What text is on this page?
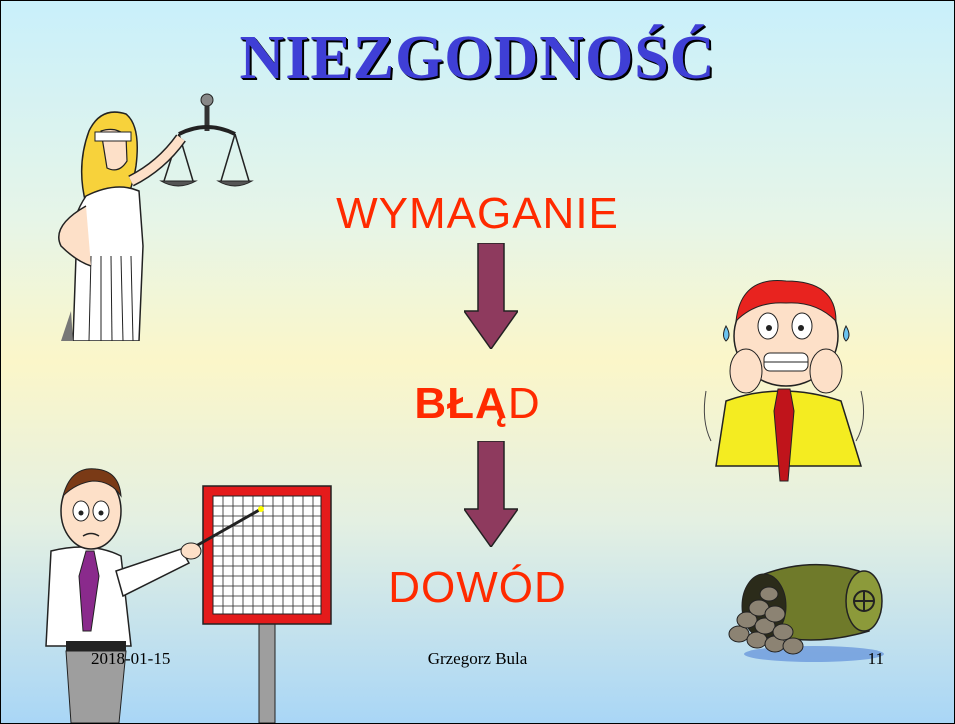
NIEZGODNOŚĆ
WYMAGANIE
BŁĄD
DOWÓD
2018-01-15	Grzegorz Bula	11
